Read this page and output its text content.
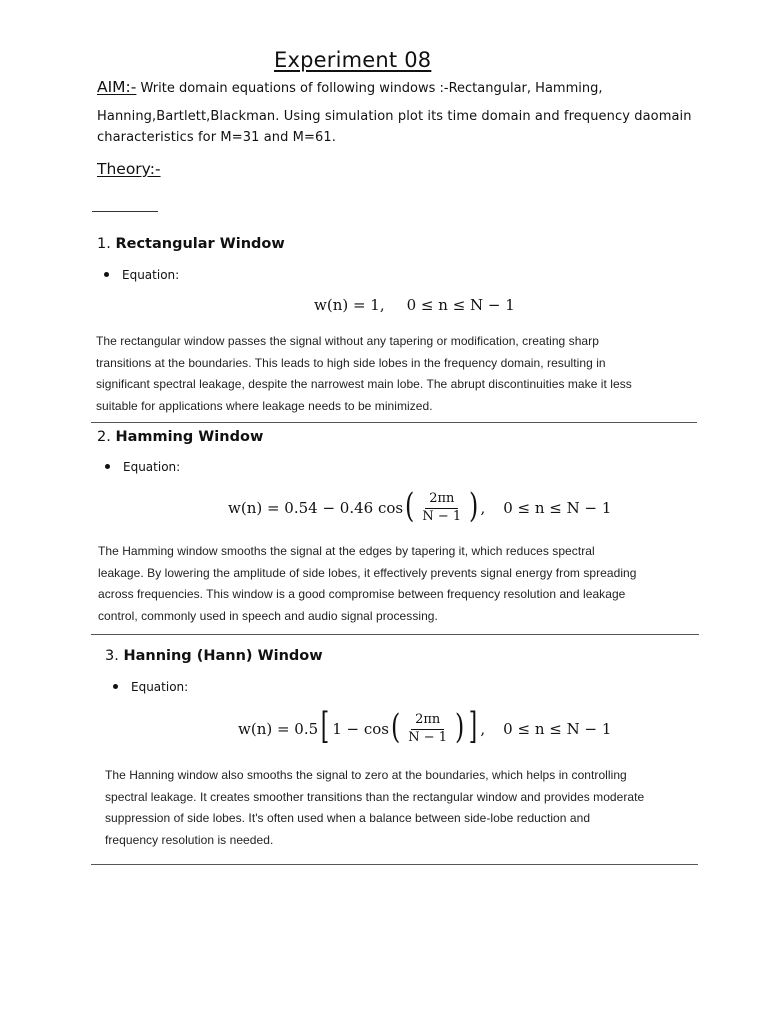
Experiment 08
AIM:- Write domain equations of following windows :-Rectangular, Hamming,
Hanning,Bartlett,Blackman. Using simulation plot its time domain and frequency daomain
characteristics for M=31 and M=61.
Theory:-
1. Rectangular Window
Equation:
w(n) = 1, 0 ≤ n ≤ N − 1
The rectangular window passes the signal without any tapering or modification, creating sharp
transitions at the boundaries. This leads to high side lobes in the frequency domain, resulting in
significant spectral leakage, despite the narrowest main lobe. The abrupt discontinuities make it less
suitable for applications where leakage needs to be minimized.
2. Hamming Window
Equation:
w(n) = 0.54 − 0.46 cos ( $\frac{2\pi n}{N - 1}$ ) , 0 ≤ n ≤ N − 1
The Hamming window smooths the signal at the edges by tapering it, which reduces spectral
leakage. By lowering the amplitude of side lobes, it effectively prevents signal energy from spreading
across frequencies. This window is a good compromise between frequency resolution and leakage
control, commonly used in speech and audio signal processing.
3. Hanning (Hann) Window
Equation:
w(n) = 0.5 [ 1 − cos ( $\frac{2\pi n}{N - 1}$ ) ] , 0 ≤ n ≤ N − 1
The Hanning window also smooths the signal to zero at the boundaries, which helps in controlling
spectral leakage. It creates smoother transitions than the rectangular window and provides moderate
suppression of side lobes. It's often used when a balance between side-lobe reduction and
frequency resolution is needed.
